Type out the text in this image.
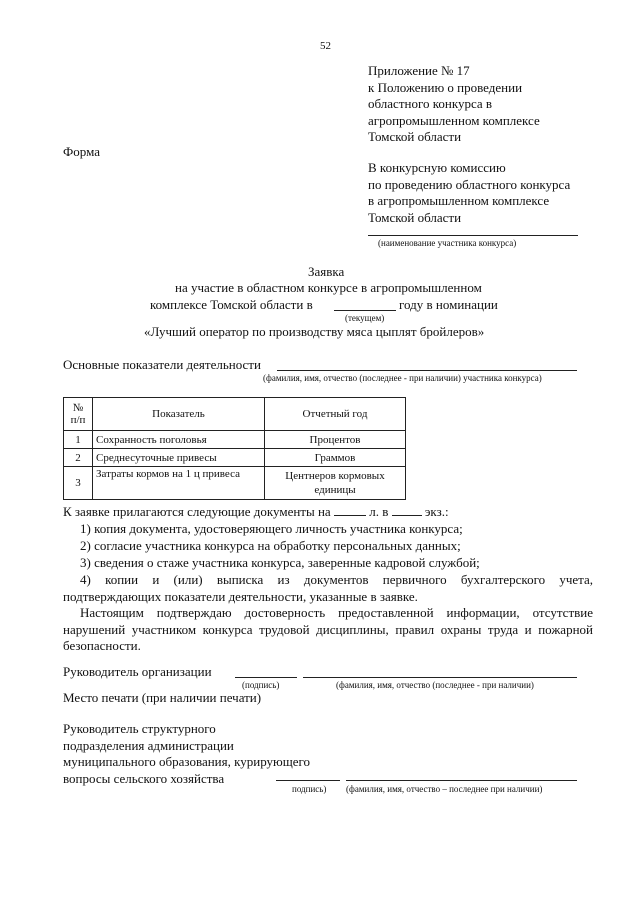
52
Приложение № 17
к Положению о проведении
областного конкурса в
агропромышленном комплексе
Томской области
Форма
В конкурсную комиссию
по проведению областного конкурса
в агропромышленном комплексе
Томской области
(наименование участника конкурса)
Заявка
на участие в областном конкурсе в агропромышленном
комплексе Томской области в	году в номинации
(текущем)
«Лучший оператор по производству мяса цыплят бройлеров»
Основные показатели деятельности
(фамилия, имя, отчество (последнее - при наличии) участника конкурса)
№ п/п	Показатель	Отчетный год
1	Сохранность поголовья	Процентов
2	Среднесуточные привесы	Граммов
3	Затраты кормов на 1 ц привеса	Центнеров кормовых единицы
К заявке прилагаются следующие документы на	л. в	экз.:
1) копия документа, удостоверяющего личность участника конкурса;
2) согласие участника конкурса на обработку персональных данных;
3) сведения о стаже участника конкурса, заверенные кадровой службой;
4) копии и (или) выписка из документов первичного бухгалтерского учета, подтверждающих показатели деятельности, указанные в заявке.
Настоящим подтверждаю достоверность предоставленной информации, отсутствие нарушений участником конкурса трудовой дисциплины, правил охраны труда и пожарной безопасности.
Руководитель организации
(подпись)	(фамилия, имя, отчество (последнее - при наличии)
Место печати (при наличии печати)
Руководитель структурного
подразделения администрации
муниципального образования, курирующего
вопросы сельского хозяйства
подпись) (фамилия, имя, отчество – последнее при наличии)
